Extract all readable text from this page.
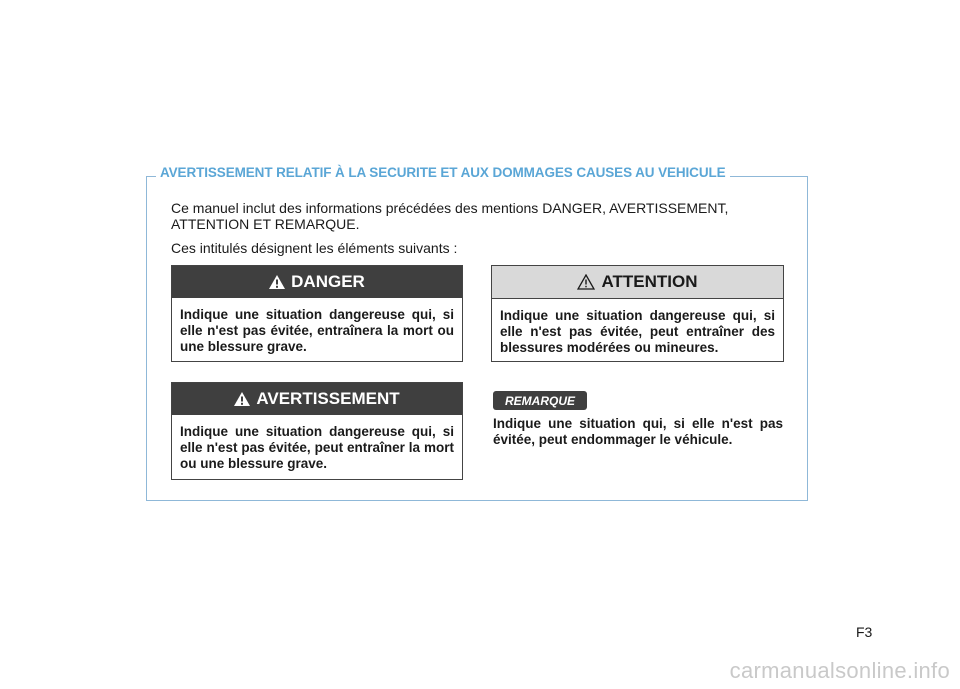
AVERTISSEMENT RELATIF À LA SECURITE ET AUX DOMMAGES CAUSES AU VEHICULE

Ce manuel inclut des informations précédées des mentions DANGER, AVERTISSEMENT, ATTENTION ET REMARQUE.

Ces intitulés désignent les éléments suivants :

DANGER
Indique une situation dangereuse qui, si elle n'est pas évitée, entraînera la mort ou une blessure grave.
ATTENTION
Indique une situation dangereuse qui, si elle n'est pas évitée, peut entraîner des blessures modérées ou mineures.
AVERTISSEMENT
Indique une situation dangereuse qui, si elle n'est pas évitée, peut entraîner la mort ou une blessure grave.
REMARQUE
Indique une situation qui, si elle n'est pas évitée, peut endommager le véhicule.
F3
carmanualsonline.info
